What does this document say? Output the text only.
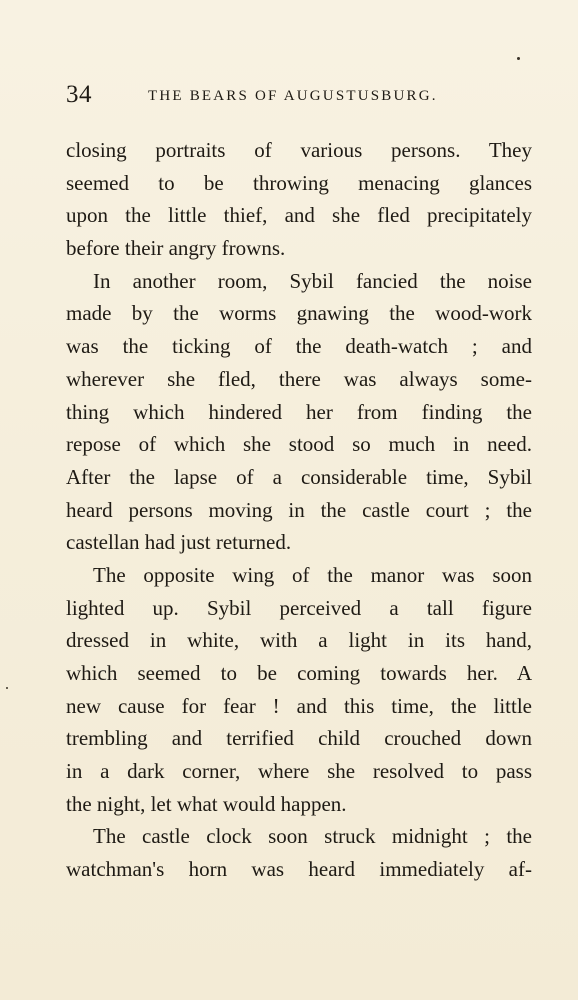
34	THE BEARS OF AUGUSTUSBURG.
closing portraits of various persons. They
seemed to be throwing menacing glances
upon the little thief, and she fled precipitately
before their angry frowns.
In another room, Sybil fancied the noise
made by the worms gnawing the wood-work
was the ticking of the death-watch ; and
wherever she fled, there was always some-
thing which hindered her from finding the
repose of which she stood so much in need.
After the lapse of a considerable time, Sybil
heard persons moving in the castle court ; the
castellan had just returned.
The opposite wing of the manor was soon
lighted up. Sybil perceived a tall figure
dressed in white, with a light in its hand,
which seemed to be coming towards her. A
new cause for fear ! and this time, the little
trembling and terrified child crouched down
in a dark corner, where she resolved to pass
the night, let what would happen.
The castle clock soon struck midnight ; the
watchman's horn was heard immediately af-
